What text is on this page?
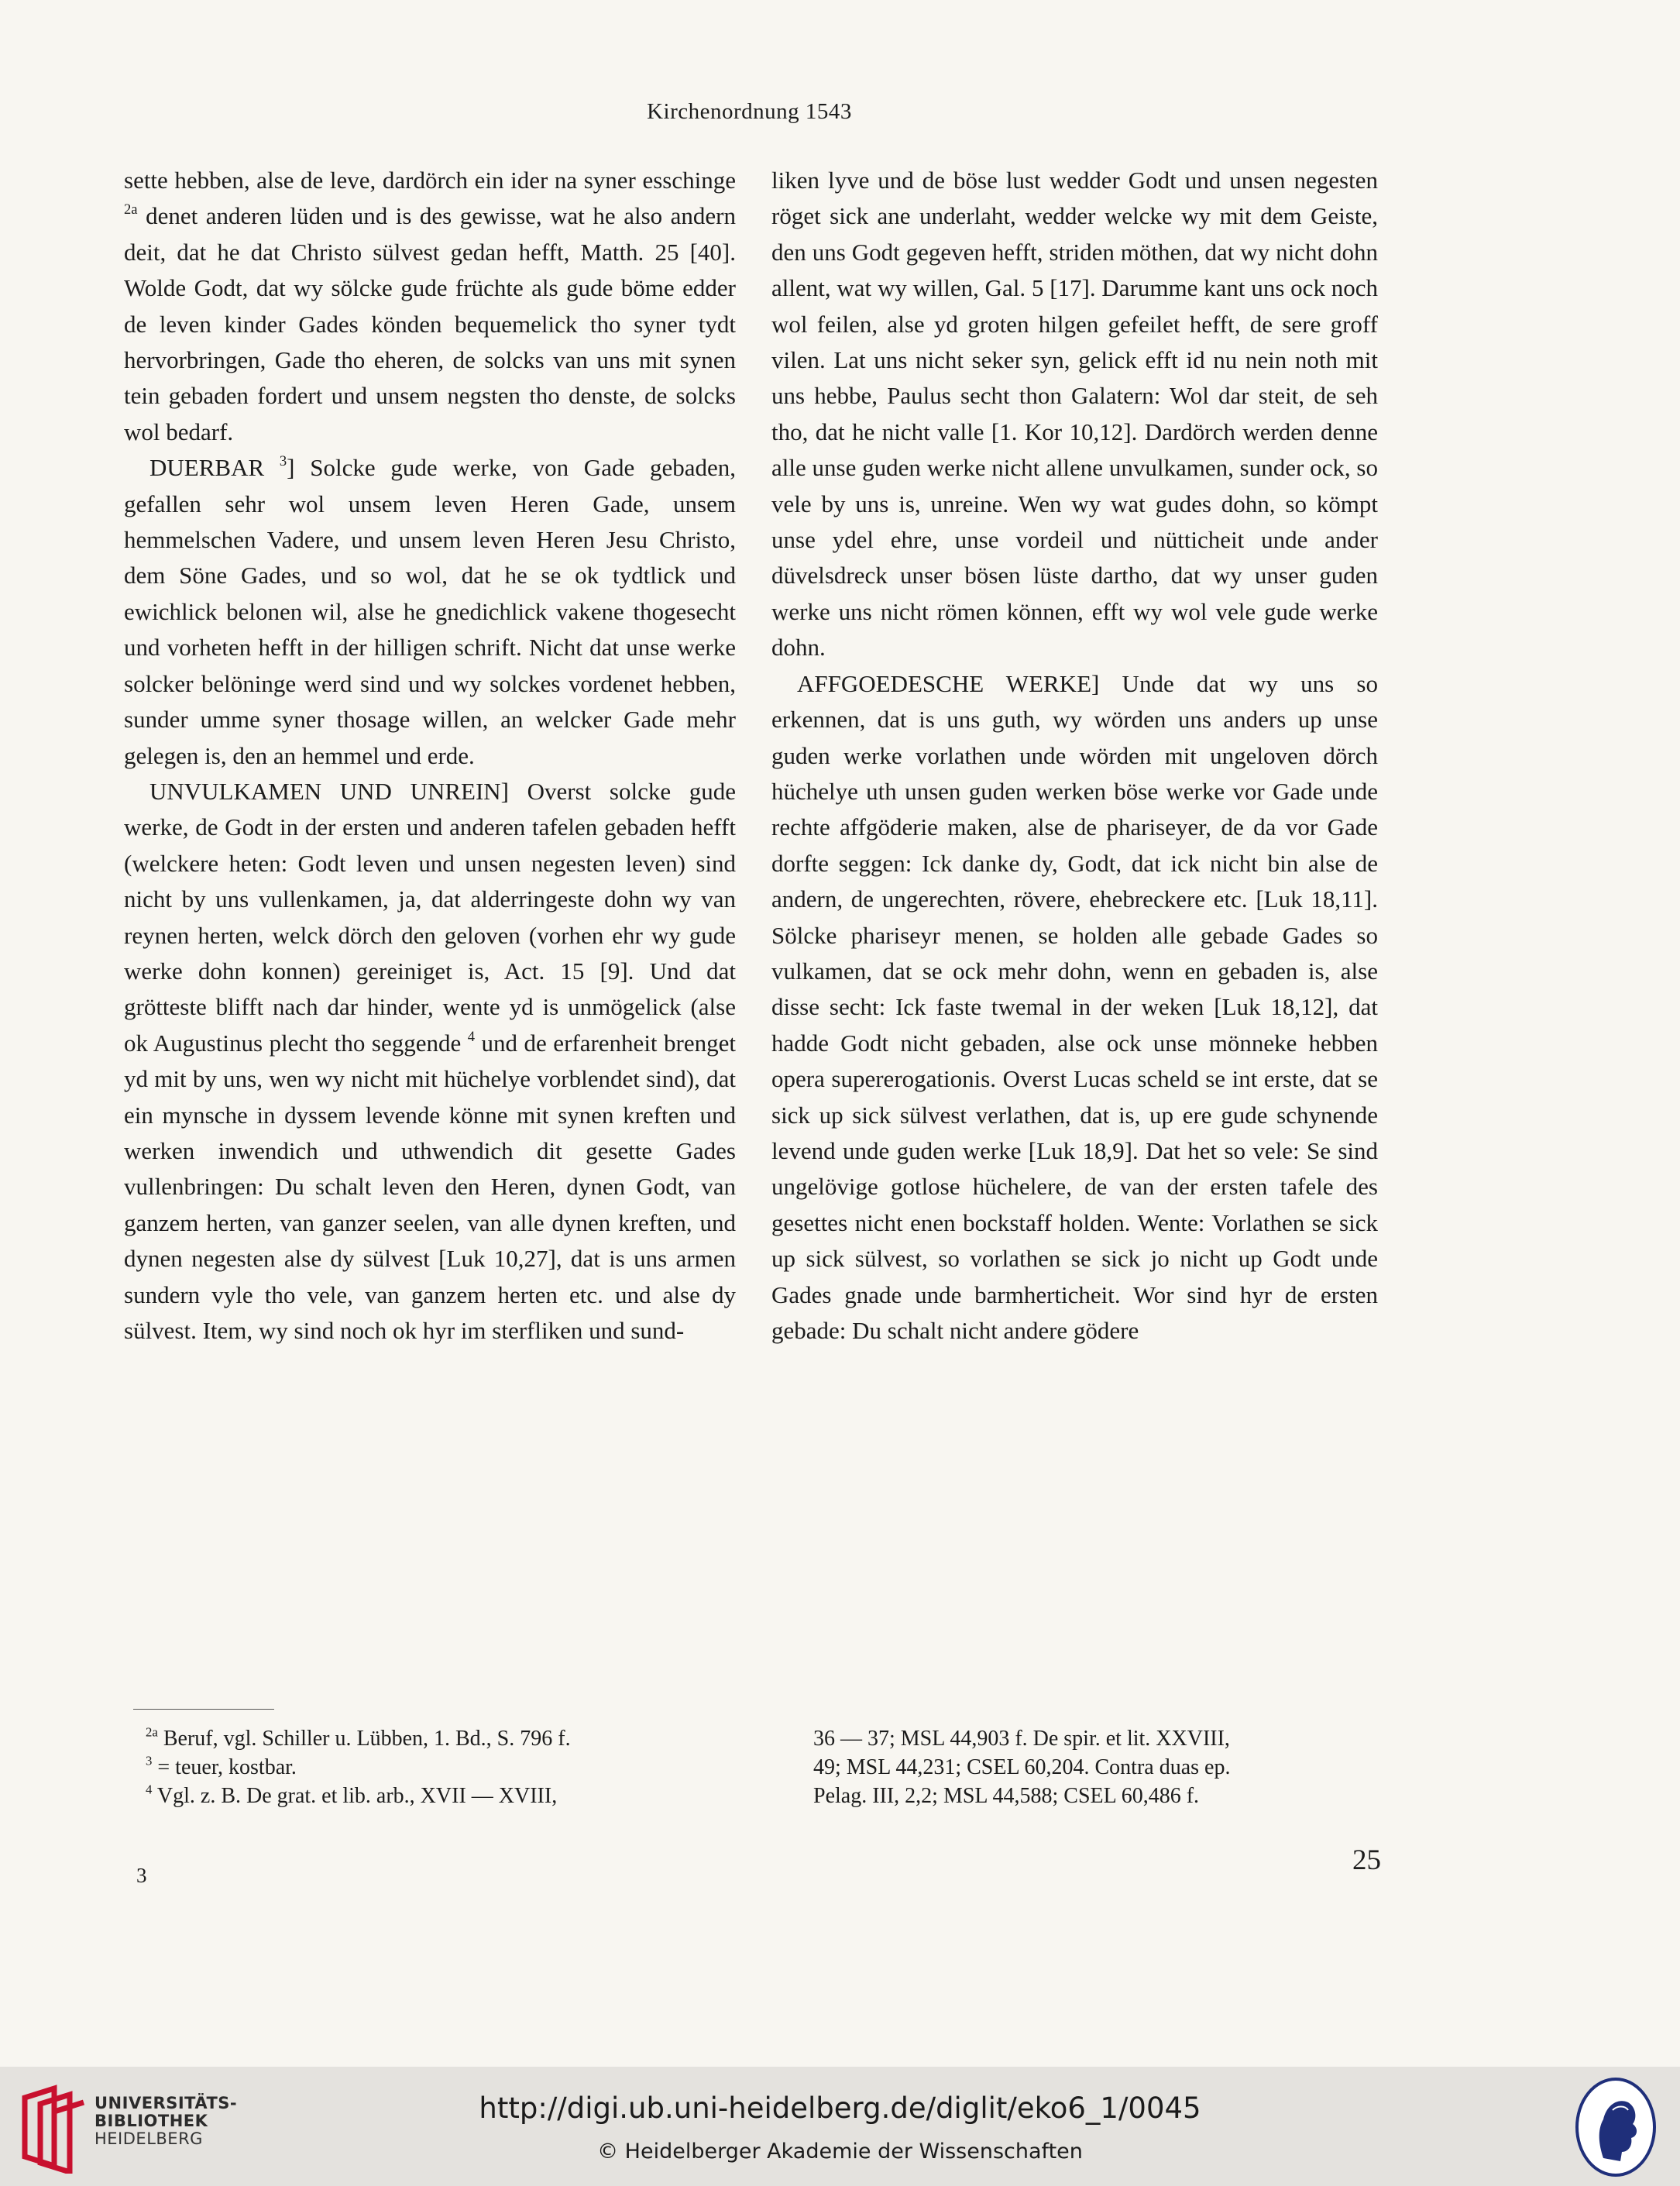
Kirchenordnung 1543

sette hebben, alse de leve, dardörch ein ider na syner esschinge $^{2a}$ denet anderen lüden und is des gewisse, wat he also andern deit, dat he dat Christo sülvest gedan hefft, Matth. 25 [40]. Wolde Godt, dat wy sölcke gude früchte als gude böme edder de leven kinder Gades könden bequemelick tho syner tydt hervorbringen, Gade tho eheren, de solcks van uns mit synen tein gebaden fordert und unsem negsten tho denste, de solcks wol bedarf.

DUERBAR $^3$] Solcke gude werke, von Gade gebaden, gefallen sehr wol unsem leven Heren Gade, unsem hemmelschen Vadere, und unsem leven Heren Jesu Christo, dem Söne Gades, und so wol, dat he se ok tydtlick und ewichlick belonen wil, alse he gnedichlick vakene thogesecht und vorheten hefft in der hilligen schrift. Nicht dat unse werke solcker belöninge werd sind und wy solckes vordenet hebben, sunder umme syner thosage willen, an welcker Gade mehr gelegen is, den an hemmel und erde.

UNVULKAMEN UND UNREIN] Overst solcke gude werke, de Godt in der ersten und anderen tafelen gebaden hefft (welckere heten: Godt leven und unsen negesten leven) sind nicht by uns vullenkamen, ja, dat alderringeste dohn wy van reynen herten, welck dörch den geloven (vorhen ehr wy gude werke dohn konnen) gereiniget is, Act. 15 [9]. Und dat grötteste blifft nach dar hinder, wente yd is unmögelick (alse ok Augustinus plecht tho seggende $^4$ und de erfarenheit brenget yd mit by uns, wen wy nicht mit hüchelye vorblendet sind), dat ein mynsche in dyssem levende könne mit synen kreften und werken inwendich und uthwendich dit gesette Gades vullenbringen: Du schalt leven den Heren, dynen Godt, van ganzem herten, van ganzer seelen, van alle dynen kreften, und dynen negesten alse dy sülvest [Luk 10,27], dat is uns armen sundern vyle tho vele, van ganzem herten etc. und alse dy sülvest. Item, wy sind noch ok hyr im sterfliken und sund-

liken lyve und de böse lust wedder Godt und unsen negesten röget sick ane underlaht, wedder welcke wy mit dem Geiste, den uns Godt gegeven hefft, striden möthen, dat wy nicht dohn allent, wat wy willen, Gal. 5 [17]. Darumme kant uns ock noch wol feilen, alse yd groten hilgen gefeilet hefft, de sere groff vilen. Lat uns nicht seker syn, gelick efft id nu nein noth mit uns hebbe, Paulus secht thon Galatern: Wol dar steit, de seh tho, dat he nicht valle [1. Kor 10,12]. Dardörch werden denne alle unse guden werke nicht allene unvulkamen, sunder ock, so vele by uns is, unreine. Wen wy wat gudes dohn, so kömpt unse ydel ehre, unse vordeil und nütticheit unde ander düvelsdreck unser bösen lüste dartho, dat wy unser guden werke uns nicht römen können, efft wy wol vele gude werke dohn.

AFFGOEDESCHE WERKE] Unde dat wy uns so erkennen, dat is uns guth, wy wörden uns anders up unse guden werke vorlathen unde wörden mit ungeloven dörch hüchelye uth unsen guden werken böse werke vor Gade unde rechte affgöderie maken, alse de phariseyer, de da vor Gade dorfte seggen: Ick danke dy, Godt, dat ick nicht bin alse de andern, de ungerechten, rövere, ehebreckere etc. [Luk 18,11]. Sölcke phariseyr menen, se holden alle gebade Gades so vulkamen, dat se ock mehr dohn, wenn en gebaden is, alse disse secht: Ick faste twemal in der weken [Luk 18,12], dat hadde Godt nicht gebaden, alse ock unse mönneke hebben opera supererogationis. Overst Lucas scheld se int erste, dat se sick up sick sülvest verlathen, dat is, up ere gude schynende levend unde guden werke [Luk 18,9]. Dat het so vele: Se sind ungelövige gotlose hüchelere, de van der ersten tafele des gesettes nicht enen bockstaff holden. Wente: Vorlathen se sick up sick sülvest, so vorlathen se sick jo nicht up Godt unde Gades gnade unde barmherticheit. Wor sind hyr de ersten gebade: Du schalt nicht andere gödere

$^{2a}$ Beruf, vgl. Schiller u. Lübben, 1. Bd., S. 796 f.

$^3$ = teuer, kostbar.

$^4$ Vgl. z. B. De grat. et lib. arb., XVII — XVIII,

36 — 37; MSL 44,903 f. De spir. et lit. XXVIII,

49; MSL 44,231; CSEL 60,204. Contra duas ep.

Pelag. III, 2,2; MSL 44,588; CSEL 60,486 f.

3	25
UNIVERSITÄTS-
BIBLIOTHEK
HEIDELBERG
http://digi.ub.uni-heidelberg.de/diglit/eko6_1/0045
© Heidelberger Akademie der Wissenschaften
